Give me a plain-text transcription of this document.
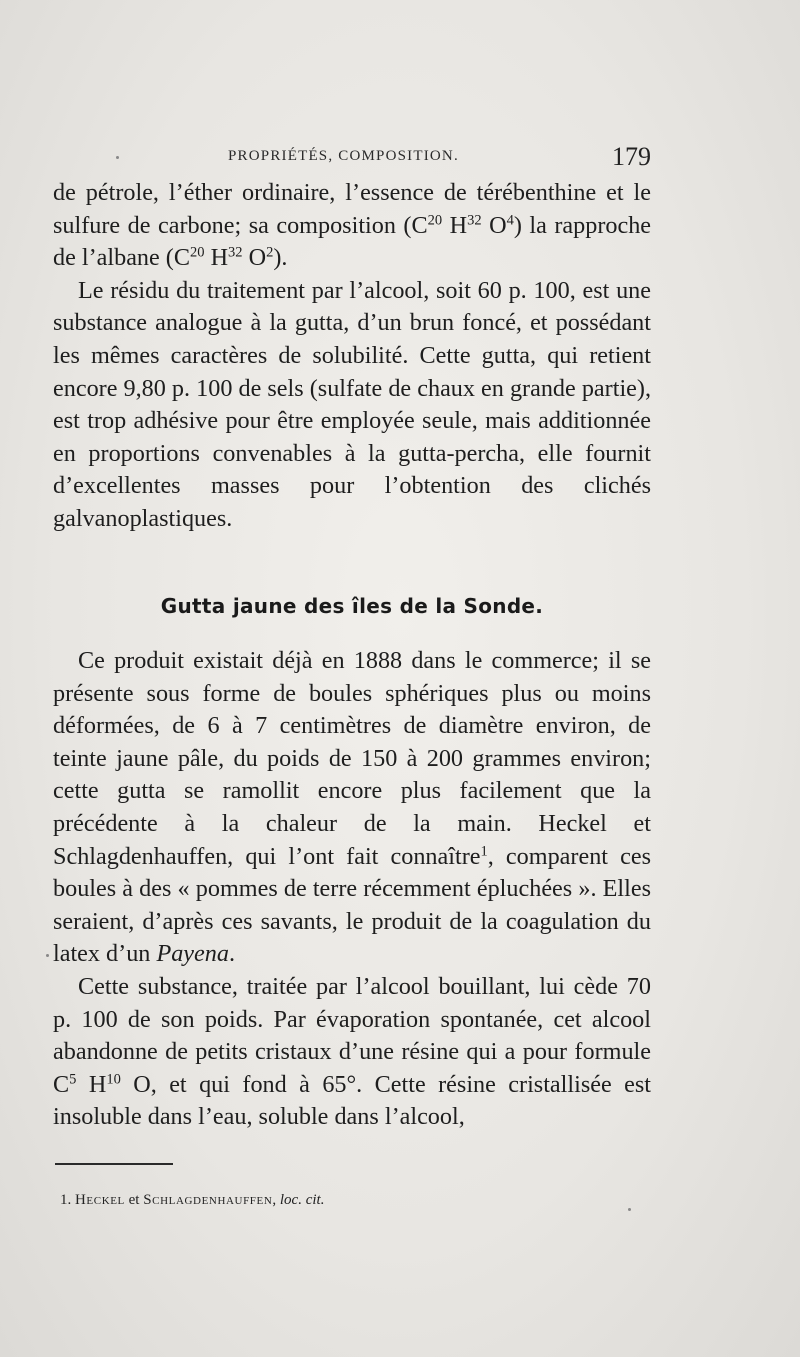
PROPRIÉTÉS, COMPOSITION.	179

de pétrole, l’éther ordinaire, l’essence de térébenthine et le sulfure de carbone; sa composition ($C^{20}$ $H^{32}$ $O^4$) la rapproche de l’albane ($C^{20}$ $H^{32}$ $O^2$).

Le résidu du traitement par l’alcool, soit 60 p. 100, est une substance analogue à la gutta, d’un brun foncé, et possédant les mêmes caractères de solubilité. Cette gutta, qui retient encore 9,80 p. 100 de sels (sulfate de chaux en grande partie), est trop adhésive pour être employée seule, mais additionnée en proportions convenables à la gutta-percha, elle fournit d’excellentes masses pour l’obtention des clichés galvanoplastiques.

Gutta jaune des îles de la Sonde.

Ce produit existait déjà en 1888 dans le commerce; il se présente sous forme de boules sphériques plus ou moins déformées, de 6 à 7 centimètres de diamètre environ, de teinte jaune pâle, du poids de 150 à 200 grammes environ; cette gutta se ramollit encore plus facilement que la précédente à la chaleur de la main. Heckel et Schlagdenhauffen, qui l’ont fait connaître$^1$, comparent ces boules à des « pommes de terre récemment épluchées ». Elles seraient, d’après ces savants, le produit de la coagulation du latex d’un Payena.

Cette substance, traitée par l’alcool bouillant, lui cède 70 p. 100 de son poids. Par évaporation spontanée, cet alcool abandonne de petits cristaux d’une résine qui a pour formule $C^5$ $H^{10}$ O, et qui fond à 65°. Cette résine cristallisée est insoluble dans l’eau, soluble dans l’alcool,

1. Heckel et Schlagdenhauffen, loc. cit.
